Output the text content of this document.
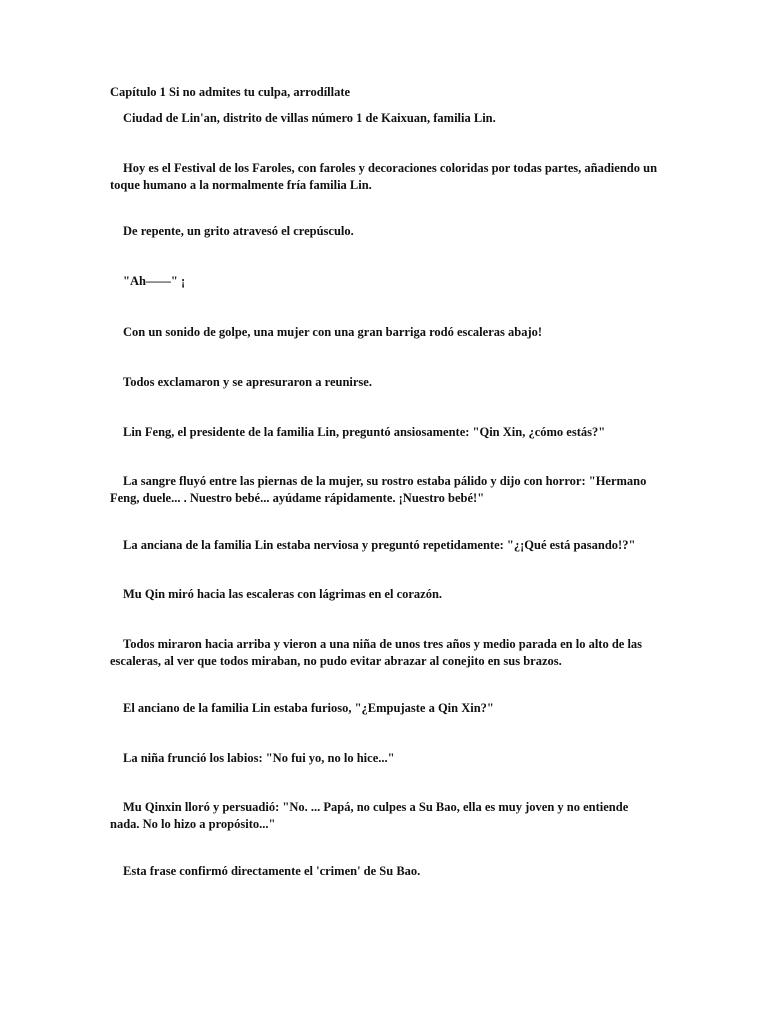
Capítulo 1 Si no admites tu culpa, arrodíllate

Ciudad de Lin'an, distrito de villas número 1 de Kaixuan, familia Lin.

Hoy es el Festival de los Faroles, con faroles y decoraciones coloridas por todas partes, añadiendo un toque humano a la normalmente fría familia Lin.

De repente, un grito atravesó el crepúsculo.

"Ah——" ¡

Con un sonido de golpe, una mujer con una gran barriga rodó escaleras abajo!

Todos exclamaron y se apresuraron a reunirse.

Lin Feng, el presidente de la familia Lin, preguntó ansiosamente: "Qin Xin, ¿cómo estás?"

La sangre fluyó entre las piernas de la mujer, su rostro estaba pálido y dijo con horror: "Hermano Feng, duele... . Nuestro bebé... ayúdame rápidamente. ¡Nuestro bebé!"

La anciana de la familia Lin estaba nerviosa y preguntó repetidamente: "¿¡Qué está pasando!?"

Mu Qin miró hacia las escaleras con lágrimas en el corazón.

Todos miraron hacia arriba y vieron a una niña de unos tres años y medio parada en lo alto de las escaleras, al ver que todos miraban, no pudo evitar abrazar al conejito en sus brazos.

El anciano de la familia Lin estaba furioso, "¿Empujaste a Qin Xin?"

La niña frunció los labios: "No fui yo, no lo hice..."

Mu Qinxin lloró y persuadió: "No. ... Papá, no culpes a Su Bao, ella es muy joven y no entiende nada. No lo hizo a propósito..."

Esta frase confirmó directamente el 'crimen' de Su Bao.
